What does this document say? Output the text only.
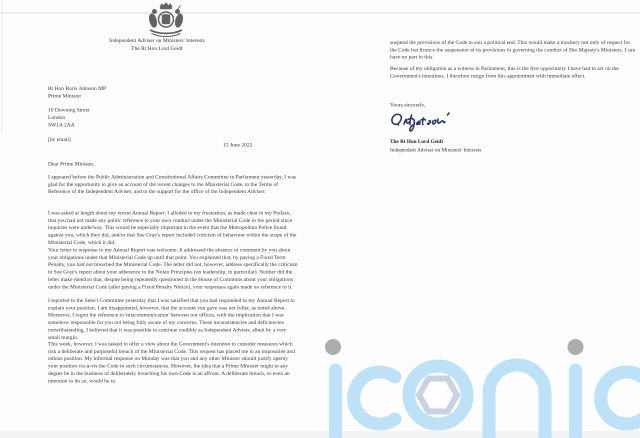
Independent Adviser on Ministers' Interests
The Rt Hon Lord Geidt
Rt Hon Boris Johnson MP
Prime Minister
10 Downing Street
London
SW1A 2AA
[by email]
15 June 2022
Dear Prime Minister,
I appeared before the Public Administration and Constitutional Affairs Committee in Parliament yesterday. I was glad for the opportunity to give an account of the recent changes to the Ministerial Code, to the Terms of Reference of the Independent Adviser, and to the support for the office of the Independent Adviser.
I was asked at length about my recent Annual Report. I alluded to my frustration, as made clear in my Preface, that you had not made any public reference to your own conduct under the Ministerial Code in the period since inquiries were underway. This would be especially important in the event that the Metropolitan Police found against you, which they did, and/or that Sue Gray's report included criticism of behaviour within the scope of the Ministerial Code, which it did.
Your letter in response to my Annual Report was welcome. It addressed the absence of comment by you about your obligations under that Ministerial Code up until that point. You explained that, by paying a Fixed Term Penalty, you had not breached the Ministerial Code. The letter did not, however, address specifically the criticism in Sue Gray's report about your adherence to the Nolan Principles (on leadership, in particular). Neither did the letter make mention that, despite being repeatedly questioned in the House of Commons about your obligations under the Ministerial Code (after paying a Fixed Penalty Notice), your responses again made no reference to it.
I reported to the Select Committee yesterday that I was satisfied that you had responded to my Annual Report to explain your position. I am disappointed, however, that the account you gave was not fuller, as noted above. Moreover, I regret the reference to 'miscommunication' between our offices, with the implication that I was somehow responsible for you not being fully aware of my concerns. These inconsistencies and deficiencies notwithstanding, I believed that it was possible to continue credibly as Independent Adviser, albeit by a very small margin.
This week, however, I was tasked to offer a view about the Government's intention to consider measures which risk a deliberate and purposeful breach of the Ministerial Code. This request has placed me in an impossible and odious position. My informal response on Monday was that you and any other Minister should justify openly your position vis-à-vis the Code in such circumstances. However, the idea that a Prime Minister might to any degree be in the business of deliberately breaching his own Code is an affront. A deliberate breach, or even an intention to do so, would be to
suspend the provisions of the Code to suit a political end. This would make a mockery not only of respect for the Code but licence the suspension of its provisions in governing the conduct of Her Majesty's Ministers. I can have no part in this.
Because of my obligation as a witness in Parliament, this is the first opportunity I have had to act on the Government's intentions. I therefore resign from this appointment with immediate effect.
Yours sincerely,
The Rt Hon Lord Geidt
Independent Adviser on Ministers' Interests
